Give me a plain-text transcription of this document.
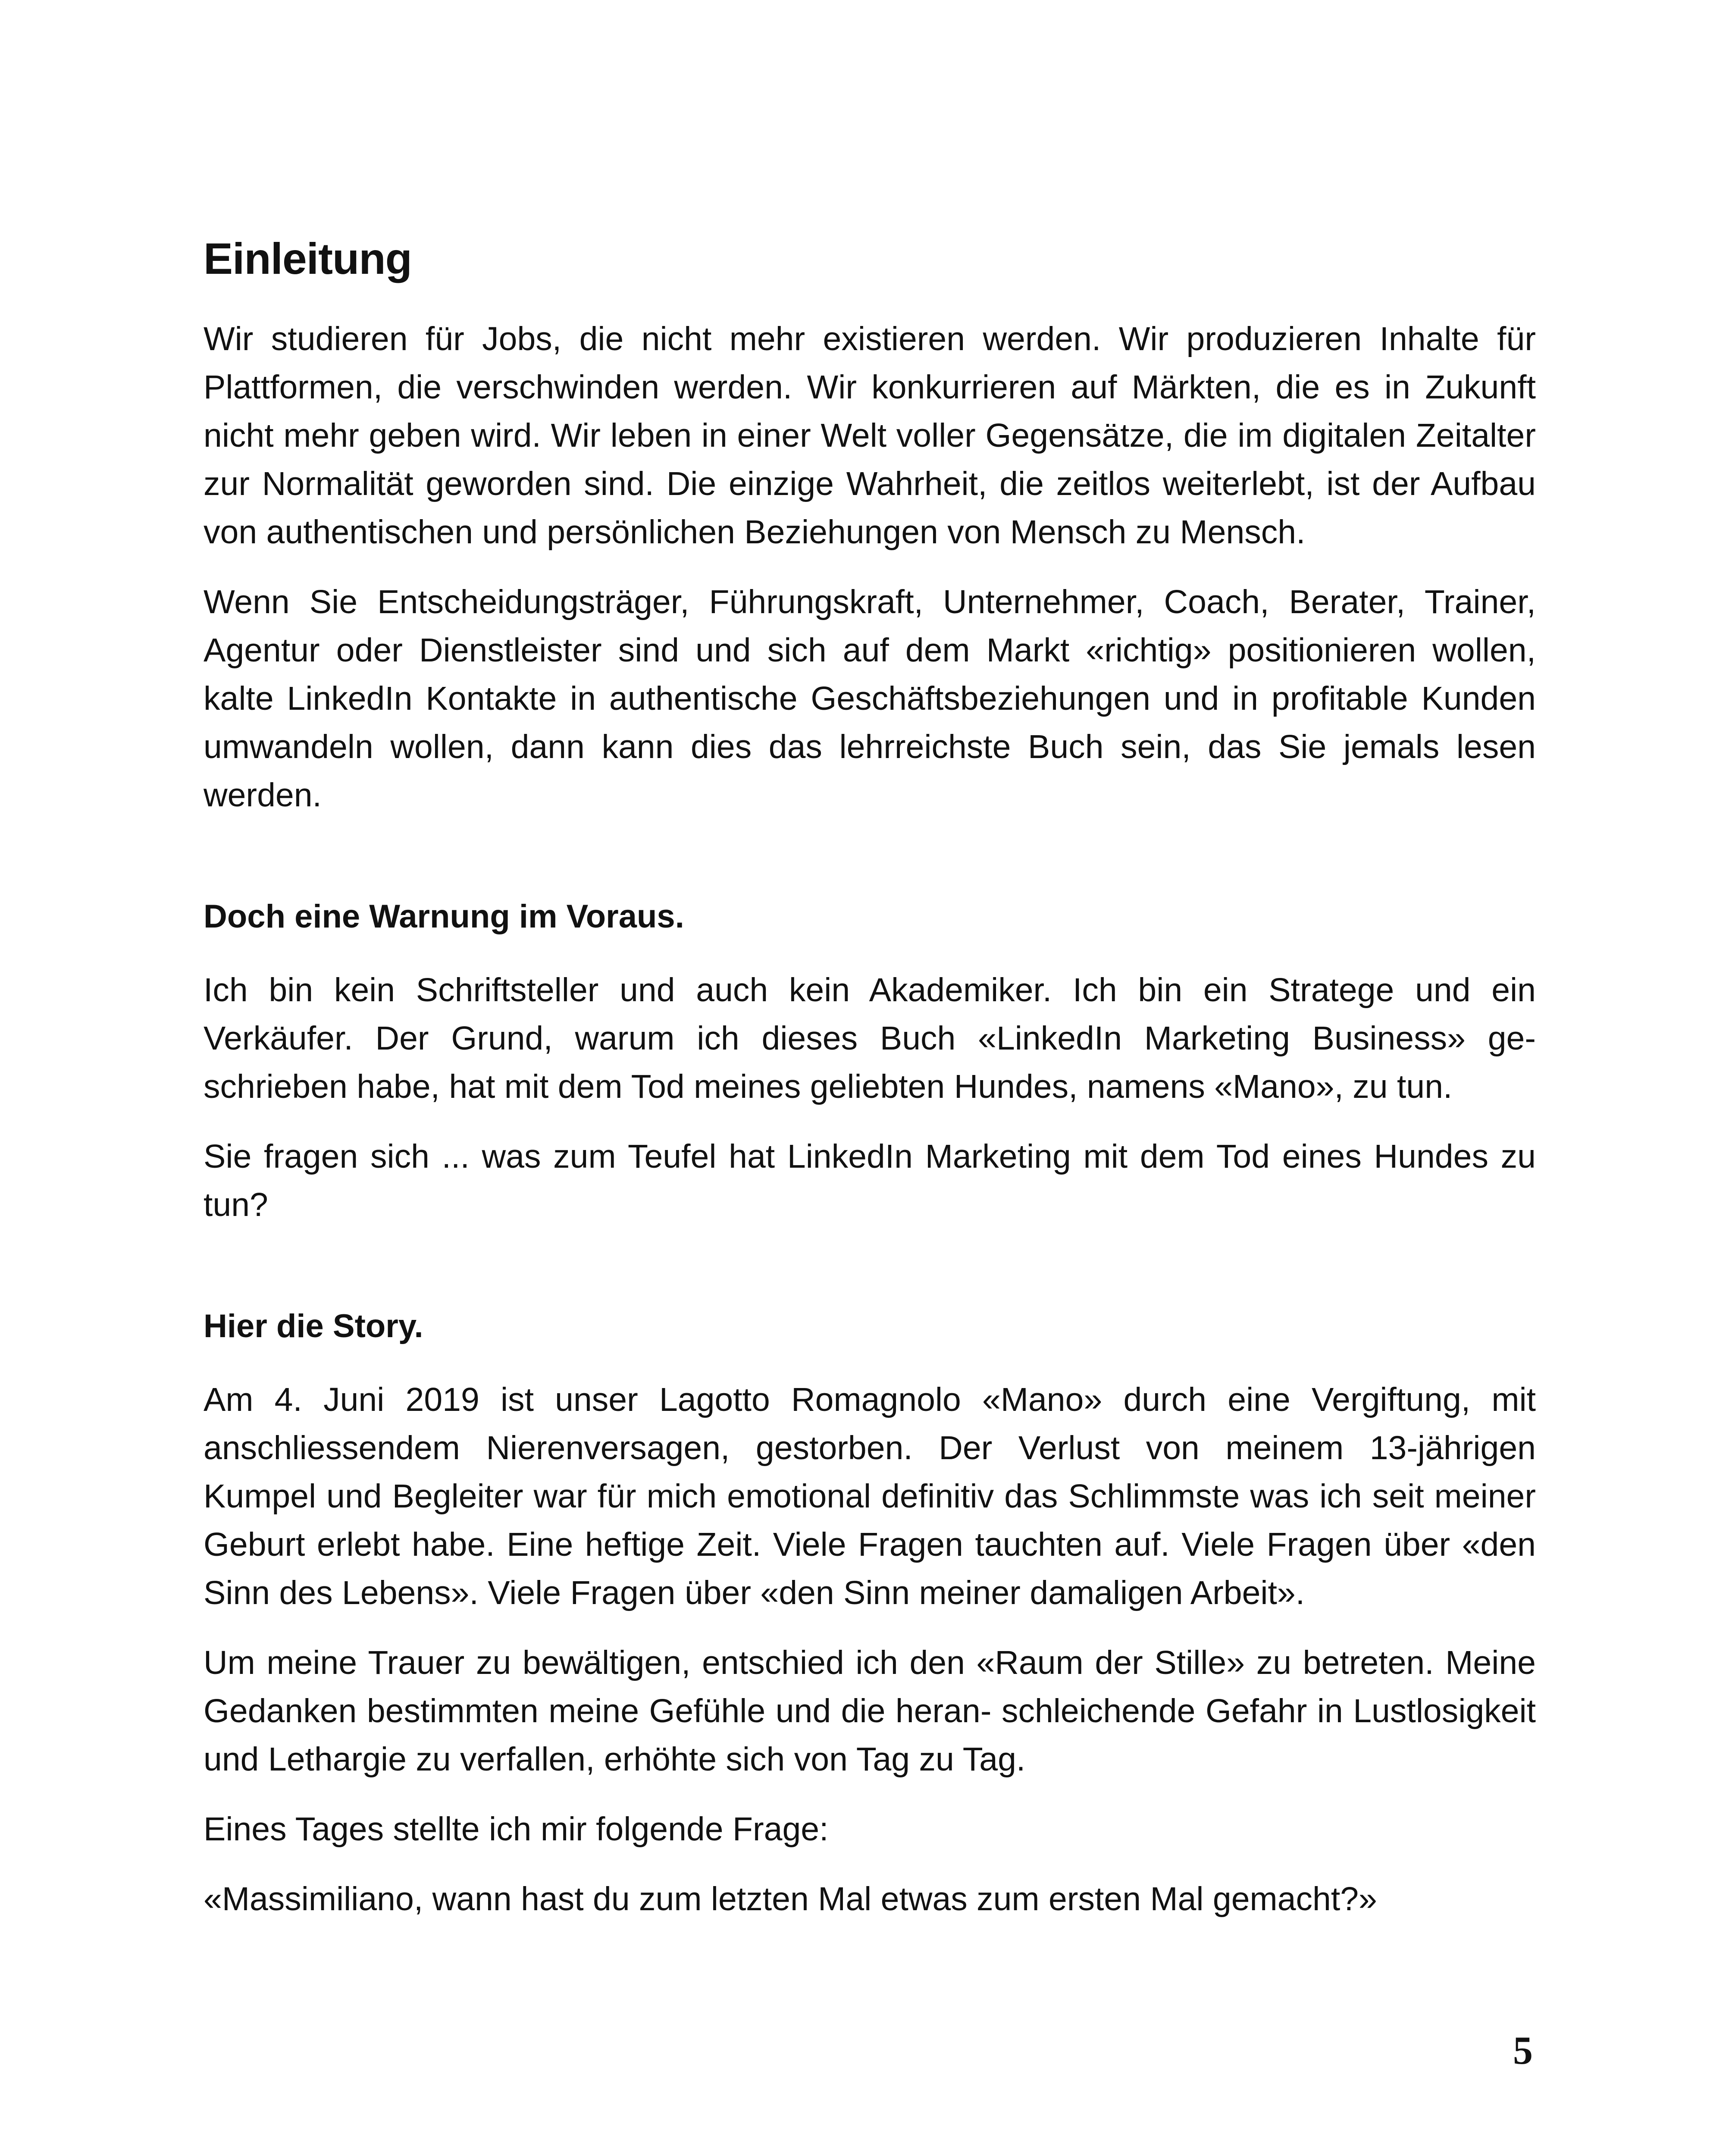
Einleitung

Wir studieren für Jobs, die nicht mehr existieren werden. Wir produzieren Inhalte für Plattformen, die verschwinden werden. Wir konkurrieren auf Märkten, die es in Zukunft nicht mehr geben wird. Wir leben in einer Welt voller Gegensätze, die im digitalen Zeitalter zur Normalität geworden sind. Die einzige Wahrheit, die zeitlos weiterlebt, ist der Aufbau von authentischen und persönlichen Beziehungen von Mensch zu Mensch.

Wenn Sie Entscheidungsträger, Führungskraft, Unternehmer, Coach, Berater, Trainer, Agentur oder Dienstleister sind und sich auf dem Markt «richtig» positionieren wollen, kalte LinkedIn Kontakte in authentische Geschäftsbeziehungen und in profitable Kunden umwandeln wollen, dann kann dies das lehrreichste Buch sein, das Sie jemals lesen werden.

Doch eine Warnung im Voraus.

Ich bin kein Schriftsteller und auch kein Akademiker. Ich bin ein Stratege und ein Verkäufer. Der Grund, warum ich dieses Buch «LinkedIn Marketing Business» geschrieben habe, hat mit dem Tod meines geliebten Hundes, namens «Mano», zu tun.

Sie fragen sich ... was zum Teufel hat LinkedIn Marketing mit dem Tod eines Hundes zu tun?

Hier die Story.

Am 4. Juni 2019 ist unser Lagotto Romagnolo «Mano» durch eine Vergiftung, mit anschliessendem Nierenversagen, gestorben. Der Verlust von meinem 13-jährigen Kumpel und Begleiter war für mich emotional definitiv das Schlimmste was ich seit meiner Geburt erlebt habe. Eine heftige Zeit. Viele Fragen tauchten auf. Viele Fragen über «den Sinn des Lebens». Viele Fragen über «den Sinn meiner damaligen Arbeit».

Um meine Trauer zu bewältigen, entschied ich den «Raum der Stille» zu betreten. Meine Gedanken bestimmten meine Gefühle und die heran- schleichende Gefahr in Lustlosigkeit und Lethargie zu verfallen, erhöhte sich von Tag zu Tag.

Eines Tages stellte ich mir folgende Frage:

«Massimiliano, wann hast du zum letzten Mal etwas zum ersten Mal gemacht?»

5
